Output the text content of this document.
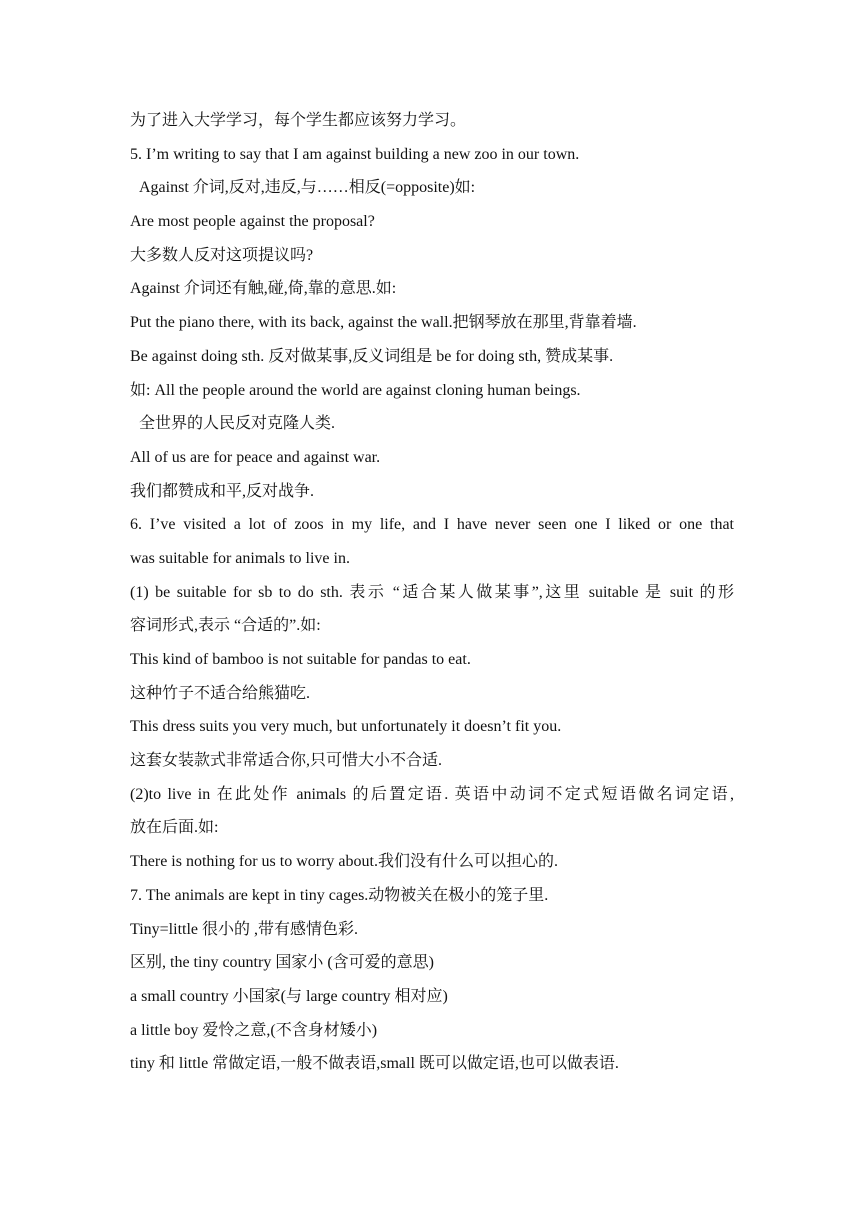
为了进入大学学习，每个学生都应该努力学习。
5. I’m writing to say that I am against building a new zoo in our town.
Against 介词,反对,违反,与……相反(=opposite)如:
Are most people against the proposal?
大多数人反对这项提议吗?
Against 介词还有触,碰,倚,靠的意思.如:
Put the piano there, with its back, against the wall.把钢琴放在那里,背靠着墙.
Be against doing sth. 反对做某事,反义词组是 be for doing sth, 赞成某事.
如: All the people around the world are against cloning human beings.
全世界的人民反对克隆人类.
All of us are for peace and against war.
我们都赞成和平,反对战争.
6. I’ve visited a lot of zoos in my life, and I have never seen one I liked or one that
was suitable for animals to live in.
(1) be suitable for sb to do sth. 表示 “适合某人做某事”,这里 suitable 是 suit 的形
容词形式,表示 “合适的”.如:
This kind of bamboo is not suitable for pandas to eat.
这种竹子不适合给熊猫吃.
This dress suits you very much, but unfortunately it doesn’t fit you.
这套女装款式非常适合你,只可惜大小不合适.
(2)to live in 在此处作 animals 的后置定语. 英语中动词不定式短语做名词定语,
放在后面.如:
There is nothing for us to worry about.我们没有什么可以担心的.
7. The animals are kept in tiny cages.动物被关在极小的笼子里.
Tiny=little 很小的 ,带有感情色彩.
区别, the tiny country 国家小 (含可爱的意思)
a small country 小国家(与 large country 相对应)
a little boy 爱怜之意,(不含身材矮小)
tiny 和 little 常做定语,一般不做表语,small 既可以做定语,也可以做表语.
